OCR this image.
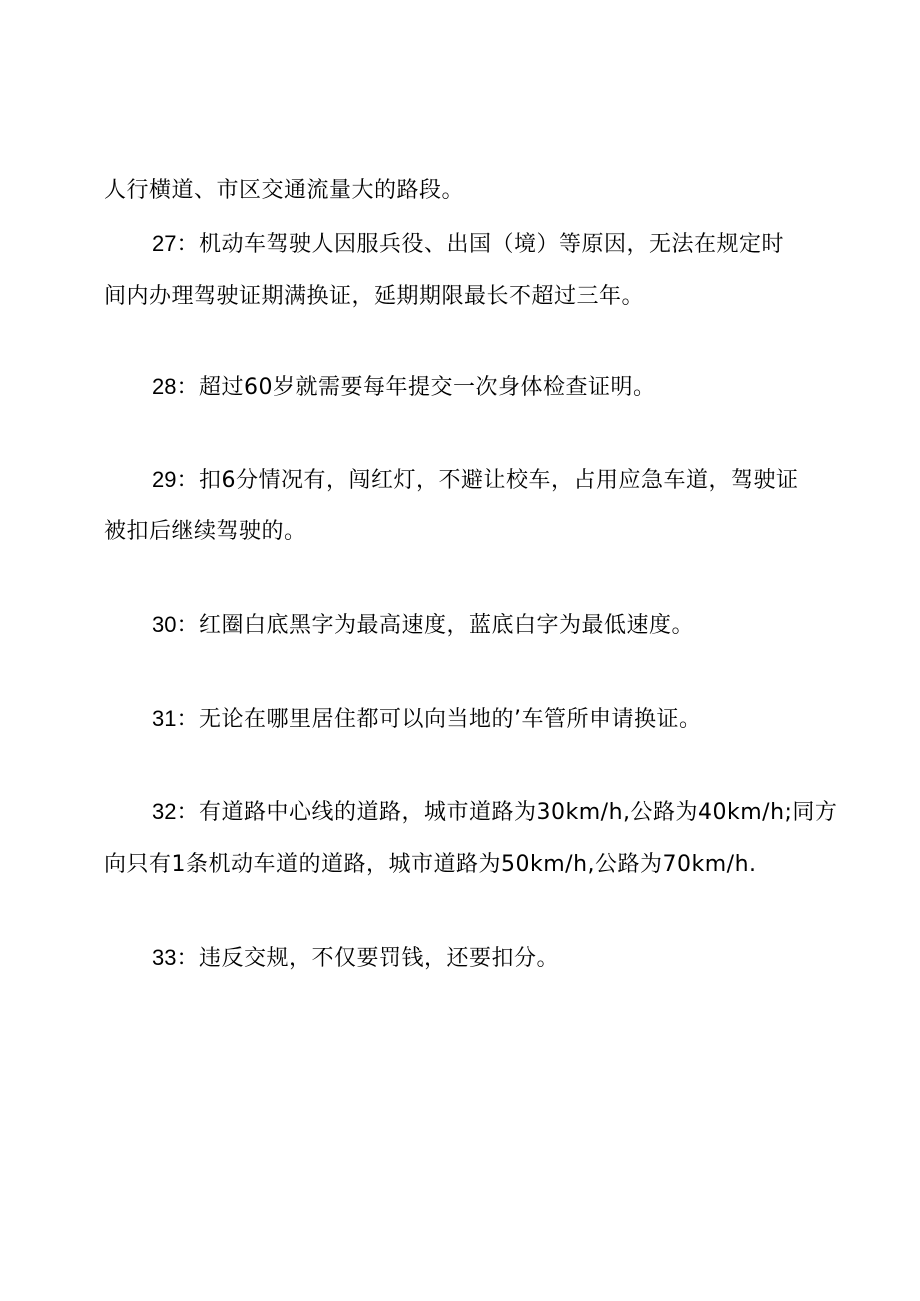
人行横道、市区交通流量大的路段。
27：机动车驾驶人因服兵役、出国（境）等原因，无法在规定时
间内办理驾驶证期满换证，延期期限最长不超过三年。
28：超过60岁就需要每年提交一次身体检查证明。
29：扣6分情况有，闯红灯，不避让校车，占用应急车道，驾驶证
被扣后继续驾驶的。
30：红圈白底黑字为最高速度，蓝底白字为最低速度。
31：无论在哪里居住都可以向当地的’车管所申请换证。
32：有道路中心线的道路，城市道路为30km/h,公路为40km/h;同方
向只有1条机动车道的道路，城市道路为50km/h,公路为70km/h.
33：违反交规，不仅要罚钱，还要扣分。
